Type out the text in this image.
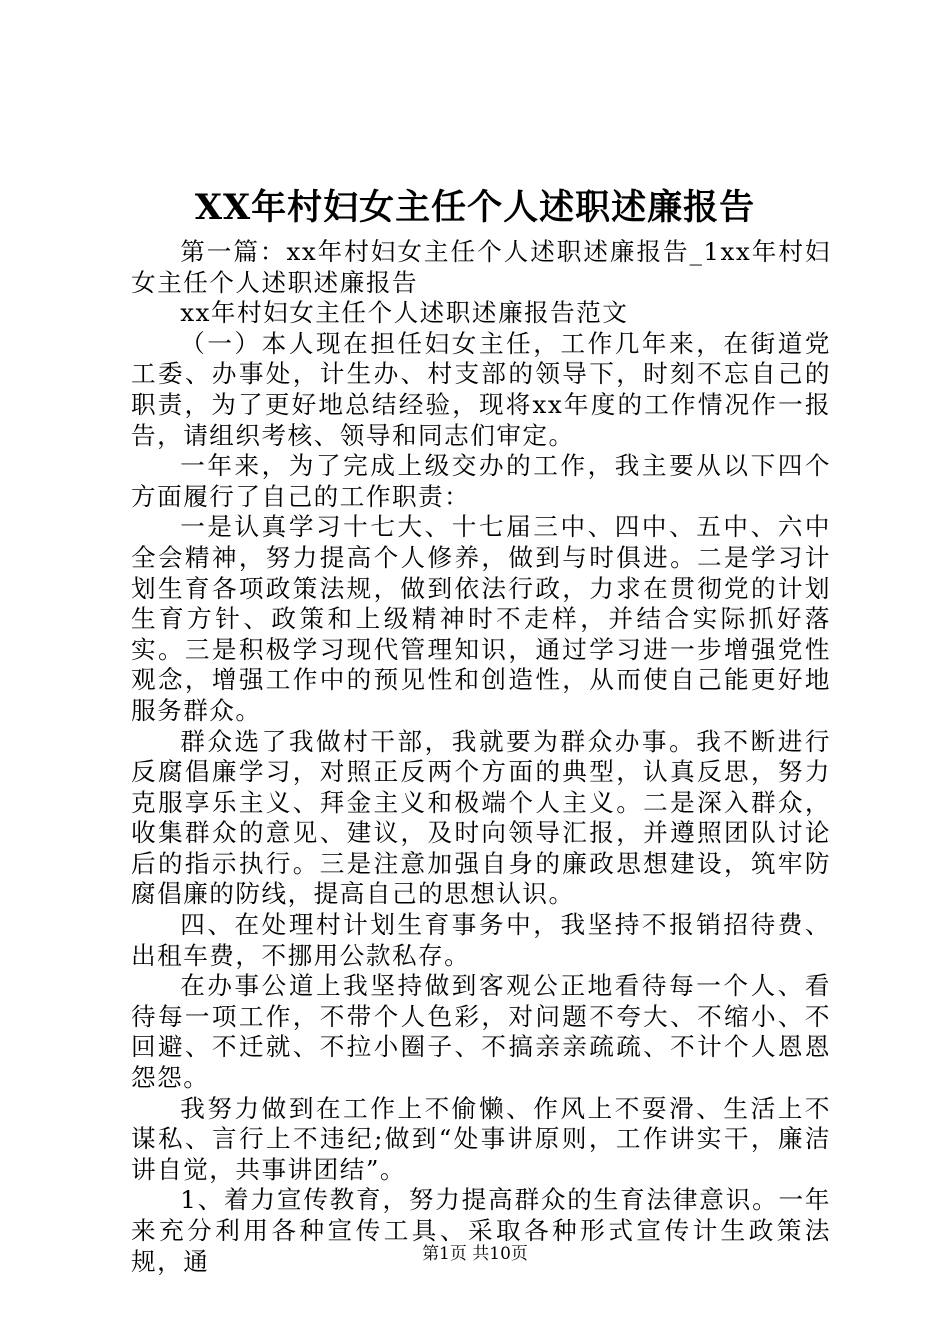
XX年村妇女主任个人述职述廉报告

第一篇：xx年村妇女主任个人述职述廉报告_1xx年村妇女主任个人述职述廉报告

xx年村妇女主任个人述职述廉报告范文

（一）本人现在担任妇女主任，工作几年来，在街道党工委、办事处，计生办、村支部的领导下，时刻不忘自己的职责，为了更好地总结经验，现将xx年度的工作情况作一报告，请组织考核、领导和同志们审定。

一年来，为了完成上级交办的工作，我主要从以下四个方面履行了自己的工作职责：

一是认真学习十七大、十七届三中、四中、五中、六中全会精神，努力提高个人修养，做到与时俱进。二是学习计划生育各项政策法规，做到依法行政，力求在贯彻党的计划生育方针、政策和上级精神时不走样，并结合实际抓好落实。三是积极学习现代管理知识，通过学习进一步增强党性观念，增强工作中的预见性和创造性，从而使自己能更好地服务群众。

群众选了我做村干部，我就要为群众办事。我不断进行反腐倡廉学习，对照正反两个方面的典型，认真反思，努力克服享乐主义、拜金主义和极端个人主义。二是深入群众，收集群众的意见、建议，及时向领导汇报，并遵照团队讨论后的指示执行。三是注意加强自身的廉政思想建设，筑牢防腐倡廉的防线，提高自己的思想认识。

四、在处理村计划生育事务中，我坚持不报销招待费、出租车费，不挪用公款私存。

在办事公道上我坚持做到客观公正地看待每一个人、看待每一项工作，不带个人色彩，对问题不夸大、不缩小、不回避、不迁就、不拉小圈子、不搞亲亲疏疏、不计个人恩恩怨怨。

我努力做到在工作上不偷懒、作风上不耍滑、生活上不谋私、言行上不违纪;做到“处事讲原则，工作讲实干，廉洁讲自觉，共事讲团结”。

1、着力宣传教育，努力提高群众的生育法律意识。一年来充分利用各种宣传工具、采取各种形式宣传计生政策法规，通	第1页 共10页
